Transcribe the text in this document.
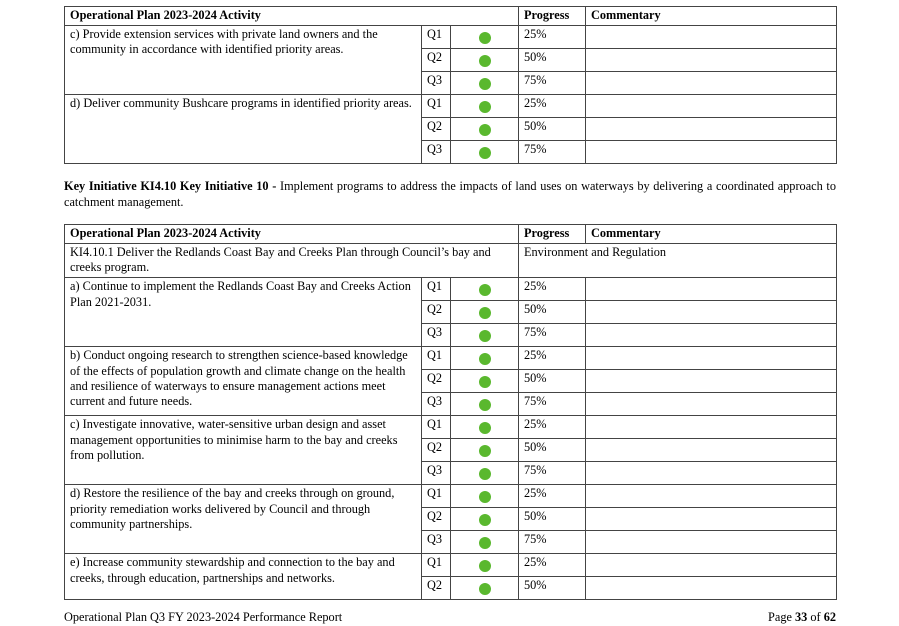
Operational Plan 2023-2024 Activity			Progress	Commentary
c) Provide extension services with private land owners and the community in accordance with identified priority areas.	Q1		25%	
	Q2		50%	
	Q3		75%	
d) Deliver community Bushcare programs in identified priority areas.	Q1		25%	
	Q2		50%	
	Q3		75%	
Key Initiative KI4.10 Key Initiative 10 - Implement programs to address the impacts of land uses on waterways by delivering a coordinated approach to catchment management.
Operational Plan 2023-2024 Activity			Progress	Commentary
KI4.10.1 Deliver the Redlands Coast Bay and Creeks Plan through Council’s bay and creeks program.			Environment and Regulation	
a) Continue to implement the Redlands Coast Bay and Creeks Action Plan 2021-2031.	Q1		25%	
	Q2		50%	
	Q3		75%	
b) Conduct ongoing research to strengthen science-based knowledge of the effects of population growth and climate change on the health and resilience of waterways to ensure management actions meet current and future needs.	Q1		25%	
	Q2		50%	
	Q3		75%	
c) Investigate innovative, water-sensitive urban design and asset management opportunities to minimise harm to the bay and creeks from pollution.	Q1		25%	
	Q2		50%	
	Q3		75%	
d) Restore the resilience of the bay and creeks through on ground, priority remediation works delivered by Council and through community partnerships.	Q1		25%	
	Q2		50%	
	Q3		75%	
e) Increase community stewardship and connection to the bay and creeks, through education, partnerships and networks.	Q1		25%	
	Q2		50%	
Operational Plan Q3 FY 2023-2024 Performance Report	Page 33 of 62
